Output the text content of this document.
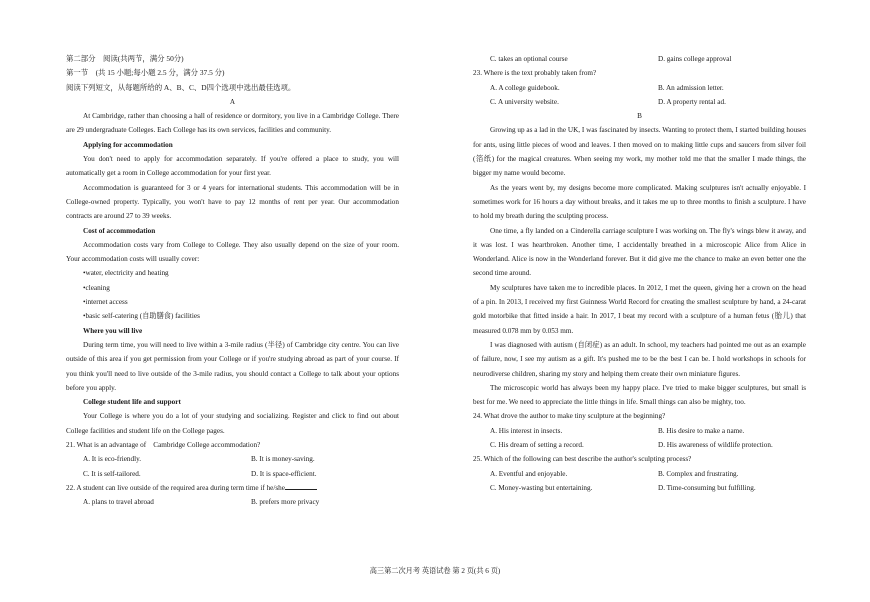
第二部分　阅读(共两节，满分 50分)

第一节　(共 15 小题;每小题 2.5 分，满分 37.5 分)

阅读下列短文，从每题所给的 A、B、C、D四个选项中选出最佳选项。

A

At Cambridge, rather than choosing a hall of residence or dormitory, you live in a Cambridge College. There are 29 undergraduate Colleges. Each College has its own services, facilities and community.

Applying for accommodation

You don't need to apply for accommodation separately. If you're offered a place to study, you will automatically get a room in College accommodation for your first year.

Accommodation is guaranteed for 3 or 4 years for international students. This accommodation will be in College-owned property. Typically, you won't have to pay 12 months of rent per year. Our accommodation contracts are around 27 to 39 weeks.

Cost of accommodation

Accommodation costs vary from College to College. They also usually depend on the size of your room. Your accommodation costs will usually cover:

•water, electricity and heating

•cleaning

•internet access

•basic self-catering (自助膳食) facilities

Where you will live

During term time, you will need to live within a 3-mile radius (半径) of Cambridge city centre. You can live outside of this area if you get permission from your College or if you're studying abroad as part of your course. If you think you'll need to live outside of the 3-mile radius, you should contact a College to talk about your options before you apply.

College student life and support

Your College is where you do a lot of your studying and socializing. Register and click to find out about College facilities and student life on the College pages.

21. What is an advantage of　Cambridge College accommodation?

A. It is eco-friendly.	B. It is money-saving.
C. It is self-tailored.	D. It is space-efficient.

22. A student can live outside of the required area during term time if he/she

A. plans to travel abroad	B. prefers more privacy
C. takes an optional course	D. gains college approval

23. Where is the text probably taken from?

A. A college guidebook.	B. An admission letter.
C. A university website.	D. A property rental ad.

B

Growing up as a lad in the UK, I was fascinated by insects. Wanting to protect them, I started building houses for ants, using little pieces of wood and leaves. I then moved on to making little cups and saucers from silver foil (箔纸) for the magical creatures. When seeing my work, my mother told me that the smaller I made things, the bigger my name would become.

As the years went by, my designs become more complicated. Making sculptures isn't actually enjoyable. I sometimes work for 16 hours a day without breaks, and it takes me up to three months to finish a sculpture. I have to hold my breath during the sculpting process.

One time, a fly landed on a Cinderella carriage sculpture I was working on. The fly's wings blew it away, and it was lost. I was heartbroken. Another time, I accidentally breathed in a microscopic Alice from Alice in Wonderland. Alice is now in the Wonderland forever. But it did give me the chance to make an even better one the second time around.

My sculptures have taken me to incredible places. In 2012, I met the queen, giving her a crown on the head of a pin. In 2013, I received my first Guinness World Record for creating the smallest sculpture by hand, a 24-carat gold motorbike that fitted inside a hair. In 2017, I beat my record with a sculpture of a human fetus (胎儿) that measured 0.078 mm by 0.053 mm.

I was diagnosed with autism (自闭症) as an adult. In school, my teachers had pointed me out as an example of failure, now, I see my autism as a gift. It's pushed me to be the best I can be. I hold workshops in schools for neurodiverse children, sharing my story and helping them create their own miniature figures.

The microscopic world has always been my happy place. I've tried to make bigger sculptures, but small is best for me. We need to appreciate the little things in life. Small things can also be mighty, too.

24. What drove the author to make tiny sculpture at the beginning?

A. His interest in insects.	B. His desire to make a name.
C. His dream of setting a record.	D. His awareness of wildlife protection.

25. Which of the following can best describe the author's sculpting process?

A. Eventful and enjoyable.	B. Complex and frustrating.
C. Money-wasting but entertaining.	D. Time-consuming but fulfilling.
高三第二次月考 英语试卷 第 2 页(共 6 页)
